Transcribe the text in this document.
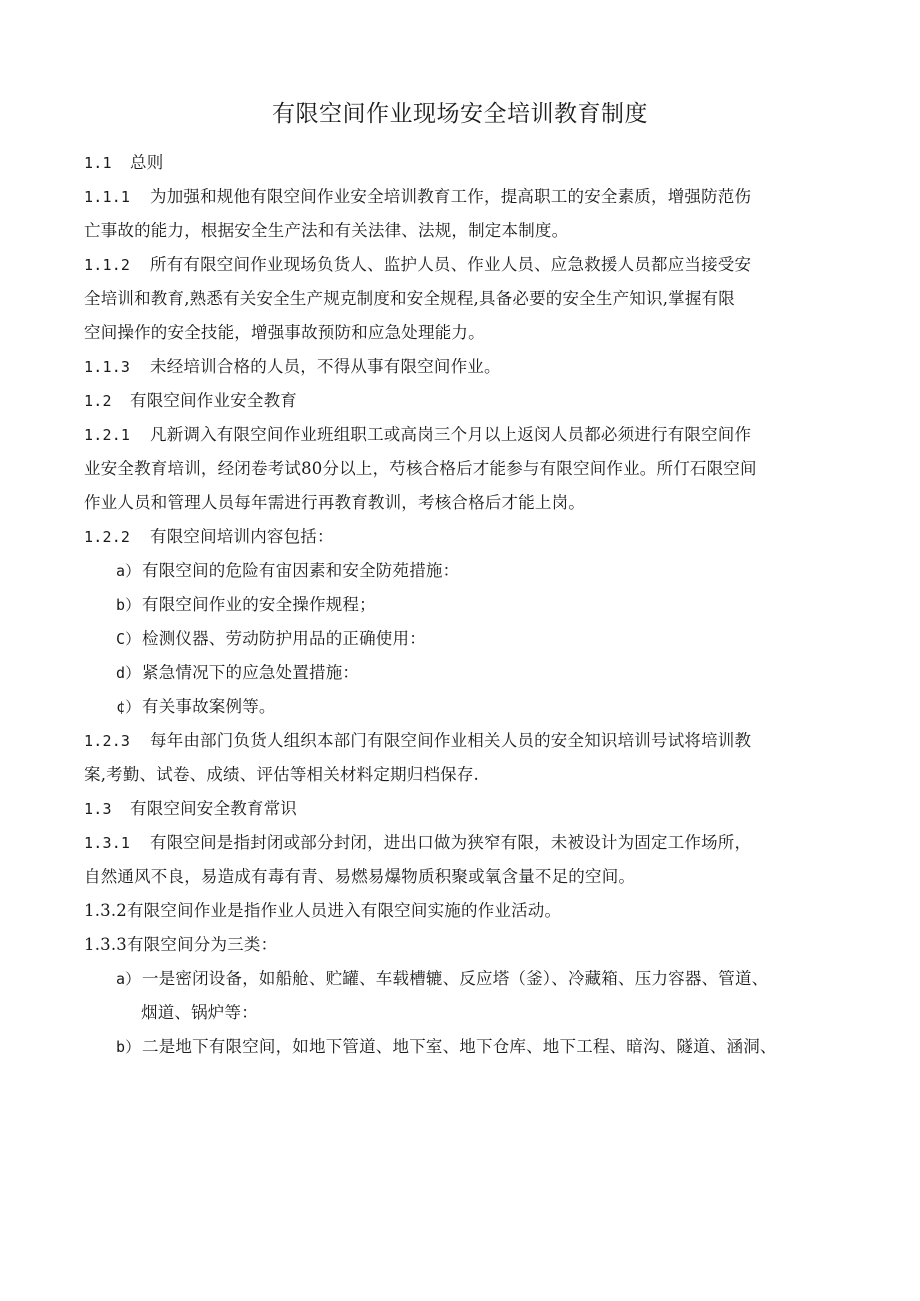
有限空间作业现场安全培训教育制度
1.1 总则
1.1.1 为加强和规他有限空间作业安全培训教育工作，提高职工的安全素质，增强防范伤
亡事故的能力，根据安全生产法和有关法律、法规，制定本制度。
1.1.2 所有有限空间作业现场负货人、监护人员、作业人员、应急救援人员都应当接受安
全培训和教育,熟悉有关安全生产规克制度和安全规程,具备必要的安全生产知识,掌握有限
空间操作的安全技能，增强事故预防和应急处理能力。
1.1.3 未经培训合格的人员，不得从事有限空间作业。
1.2 有限空间作业安全教育
1.2.1 凡新调入有限空间作业班组职工或高岗三个月以上返闵人员都必须进行有限空间作
业安全教育培训，经闭卷考试80分以上，芍核合格后才能参与有限空间作业。所仃石限空间
作业人员和管理人员每年需进行再教育教训，考核合格后才能上岗。
1.2.2 有限空间培训内容包括：
a）有限空间的危险有宙因素和安全防苑措施：
b）有限空间作业的安全操作规程；
C）检测仪器、劳动防护用品的正确使用：
d）紧急情况下的应急处置措施：
¢）有关事故案例等。
1.2.3 每年由部门负货人组织本部门有限空间作业相关人员的安全知识培训号试将培训教
案,考勤、试卷、成绩、评估等相关材料定期归档保存.
1.3 有限空间安全教育常识
1.3.1 有限空间是指封闭或部分封闭，进出口做为狭窄有限，未被设计为固定工作场所，
自然通风不良，易造成有毒有青、易燃易爆物质积聚或氧含量不足的空间。
1.3.2有限空间作业是指作业人员进入有限空间实施的作业活动。
1.3.3有限空间分为三类：
a）一是密闭设备，如船舱、贮罐、车载槽辘、反应塔（釜）、冷藏箱、压力容器、管道、
烟道、锅炉等：
b）二是地下有限空间，如地下管道、地下室、地下仓库、地下工程、暗沟、隧道、涵洞、
